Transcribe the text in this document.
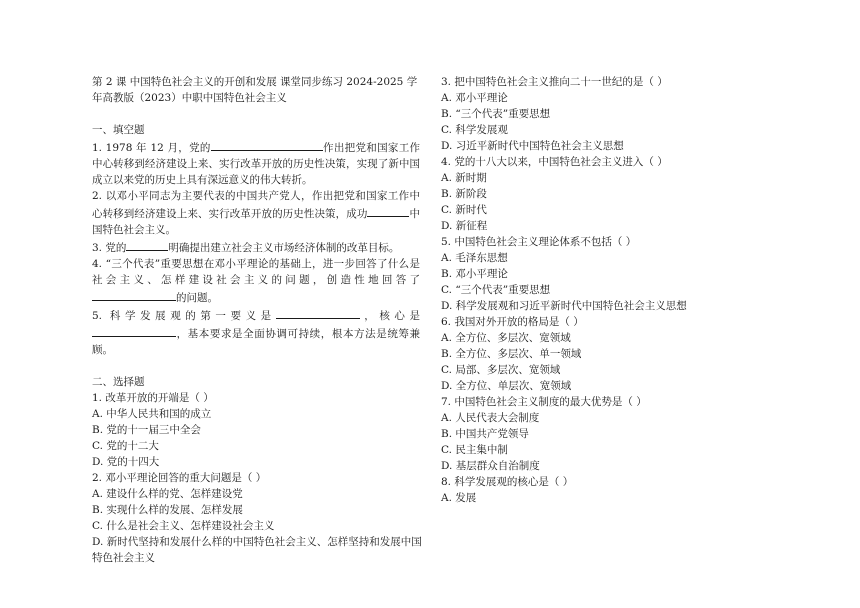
第 2 课 中国特色社会主义的开创和发展 课堂同步练习 2024-2025 学年高教版（2023）中职中国特色社会主义

一、填空题

1. 1978 年 12 月，党的	作出把党和国家工作中心转移到经济建设上来、实行改革开放的历史性决策，实现了新中国成立以来党的历史上具有深远意义的伟大转折。

2. 以邓小平同志为主要代表的中国共产党人，作出把党和国家工作中心转移到经济建设上来、实行改革开放的历史性决策，成功	中国特色社会主义。

3. 党的	明确提出建立社会主义市场经济体制的改革目标。

4. “三个代表”重要思想在邓小平理论的基础上，进一步回答了什么是社会主义、怎样建设社会主义的问题，创造性地回答了的问题。

5. 科学发展观的第一要义是	，核心是，基本要求是全面协调可持续，根本方法是统筹兼顾。

二、选择题

1. 改革开放的开端是（ ）

A. 中华人民共和国的成立
B. 党的十一届三中全会
C. 党的十二大
D. 党的十四大

2. 邓小平理论回答的重大问题是（ ）

A. 建设什么样的党、怎样建设党
B. 实现什么样的发展、怎样发展
C. 什么是社会主义、怎样建设社会主义
D. 新时代坚持和发展什么样的中国特色社会主义、怎样坚持和发展中国特色社会主义

3. 把中国特色社会主义推向二十一世纪的是（ ）

A. 邓小平理论
B. “三个代表”重要思想
C. 科学发展观
D. 习近平新时代中国特色社会主义思想

4. 党的十八大以来，中国特色社会主义进入（ ）

A. 新时期
B. 新阶段
C. 新时代
D. 新征程

5. 中国特色社会主义理论体系不包括（ ）

A. 毛泽东思想
B. 邓小平理论
C. “三个代表”重要思想
D. 科学发展观和习近平新时代中国特色社会主义思想

6. 我国对外开放的格局是（ ）

A. 全方位、多层次、宽领域
B. 全方位、多层次、单一领域
C. 局部、多层次、宽领域
D. 全方位、单层次、宽领域

7. 中国特色社会主义制度的最大优势是（ ）

A. 人民代表大会制度
B. 中国共产党领导
C. 民主集中制
D. 基层群众自治制度

8. 科学发展观的核心是（ ）

A. 发展
